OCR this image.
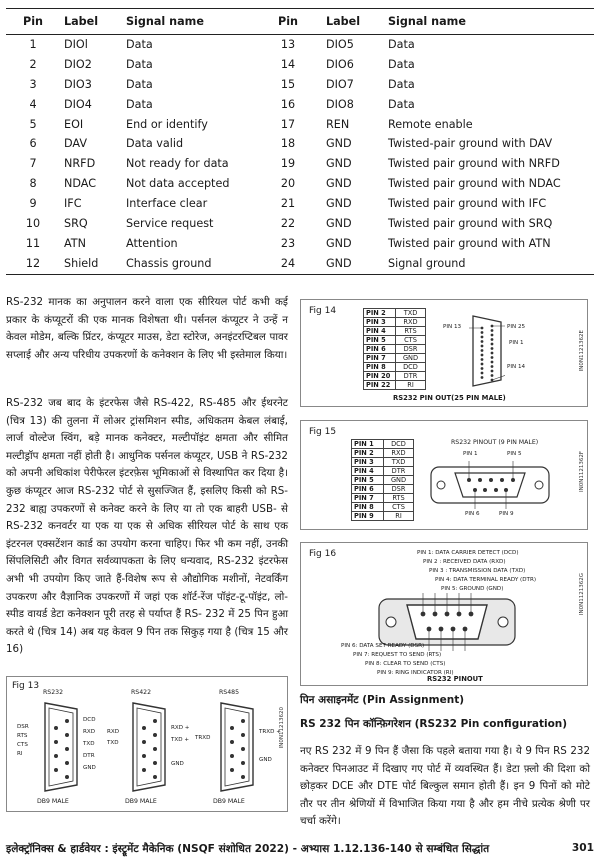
Pin	Label	Signal name	Pin	Label	Signal name
1	DIOl	Data	13	DIO5	Data
2	DIO2	Data	14	DIO6	Data
3	DIO3	Data	15	DIO7	Data
4	DIO4	Data	16	DIO8	Data
5	EOI	End or identify	17	REN	Remote enable
6	DAV	Data valid	18	GND	Twisted-pair ground with DAV
7	NRFD	Not ready for data	19	GND	Twisted pair ground with NRFD
8	NDAC	Not data accepted	20	GND	Twisted pair ground with NDAC
9	IFC	Interface clear	21	GND	Twisted pair ground with IFC
10	SRQ	Service request	22	GND	Twisted pair ground with SRQ
11	ATN	Attention	23	GND	Twisted pair ground with ATN
12	Shield	Chassis ground	24	GND	Signal ground
RS-232 मानक का अनुपालन करने वाला एक सीरियल पोर्ट कभी कई प्रकार के कंप्यूटरों की एक मानक विशेषता थी। पर्सनल कंप्यूटर ने उन्हें न केवल मोडेम, बल्कि प्रिंटर, कंप्यूटर माउस, डेटा स्टोरेज, अनइंटरप्टिबल पावर सप्लाई और अन्य परिधीय उपकरणों के कनेक्शन के लिए भी इस्तेमाल किया।
RS-232 जब बाद के इंटरफेस जैसे RS-422, RS-485 और ईथरनेट (चित्र 13) की तुलना में लोअर ट्रांसमिशन स्पीड, अधिकतम केबल लंबाई, लार्ज वोल्टेज स्विंग, बड़े मानक कनेक्टर, मल्टीपॉइंट क्षमता और सीमित मल्टीड्रॉप क्षमता नहीं होती है। आधुनिक पर्सनल कंप्यूटर, USB ने RS-232 को अपनी अधिकांश पेरीफेरल इंटरफ़ेस भूमिकाओं से विस्थापित कर दिया है। कुछ कंप्यूटर आज RS-232 पोर्ट से सुसज्जित हैं, इसलिए किसी को RS-232 बाह्य उपकरणों से कनेक्ट करने के लिए या तो एक बाहरी USB- से RS-232 कनवर्टर या एक या एक से अधिक सीरियल पोर्ट के साथ एक इंटरनल एक्सटेंशन कार्ड का उपयोग करना चाहिए। फिर भी कम नहीं, उनकी सिंपलिसिटी और विगत सर्वव्यापकता के लिए धन्यवाद, RS-232 इंटरफेस अभी भी उपयोग किए जाते हैं-विशेष रूप से औद्योगिक मशीनों, नेटवर्किंग उपकरण और वैज्ञानिक उपकरणों में जहां एक शॉर्ट-रेंज पॉइंट-टू-पॉइंट, लो-स्पीड वायर्ड डेटा कनेक्शन पूरी तरह से पर्याप्त हैं RS- 232 में 25 पिन हुआ करते थे (चित्र 14) अब यह केवल 9 पिन तक सिकुड़ गया है (चित्र 15 और 16)
Fig 13
IN0N11213620
RS232
DSR
RTS
CTS
RI
DCD
RXD
TXD
DTR
GND
DB9 MALE
RS422
RXD
TXD
RXD +
TXD +
GND
DB9 MALE
RS485
TRXD
TRXD +
GND
DB9 MALE
Fig 14
IN0N1121362E
PIN 2	TXD
PIN 3	RXD
PIN 4	RTS
PIN 5	CTS
PIN 6	DSR
PIN 7	GND
PIN 8	DCD
PIN 20	DTR
PIN 22	RI
PIN 13	PIN 25
PIN 1
PIN 14
RS232 PIN OUT(25 PIN MALE)
Fig 15
IN0N1121362F
PIN 1	DCD
PIN 2	RXD
PIN 3	TXD
PIN 4	DTR
PIN 5	GND
PIN 6	DSR
PIN 7	RTS
PIN 8	CTS
PIN 9	RI
RS232 PINOUT (9 PIN MALE)
PIN 1	PIN 5
PIN 6	PIN 9
Fig 16
IN0N1121362G
PIN 1: DATA CARRIER DETECT (DCD)
PIN 2 : RECEIVED DATA (RXD)
PIN 3 : TRANSMISSION DATA (TXD)
PIN 4: DATA TERMINAL READY (DTR)
PIN 5: GROUND (GND)
PIN 6: DATA SET READY (DSR)
PIN 7: REQUEST TO SEND (RTS)
PIN 8: CLEAR TO SEND (CTS)
PIN 9: RING INDICATOR (RI)
RS232 PINOUT
पिन असाइनमेंट (Pin Assignment)
RS 232 पिन कॉन्फ़िगरेशन (RS232 Pin configuration)
नए RS 232 में 9 पिन हैं जैसा कि पहले बताया गया है। ये 9 पिन RS 232 कनेक्टर पिनआउट में दिखाए गए पोर्ट में व्यवस्थित हैं। डेटा फ़्लो की दिशा को छोड़कर DCE और DTE पोर्ट बिल्कुल समान होती हैं। इन 9 पिनों को मोटे तौर पर तीन श्रेणियों में विभाजित किया गया है और हम नीचे प्रत्येक श्रेणी पर चर्चा करेंगे।
इलेक्ट्रॉनिक्स & हार्डवेयर : इंस्ट्रूमेंट मैकेनिक (NSQF संशोधित 2022) - अभ्यास 1.12.136-140 से सम्बंधित सिद्धांत	301
